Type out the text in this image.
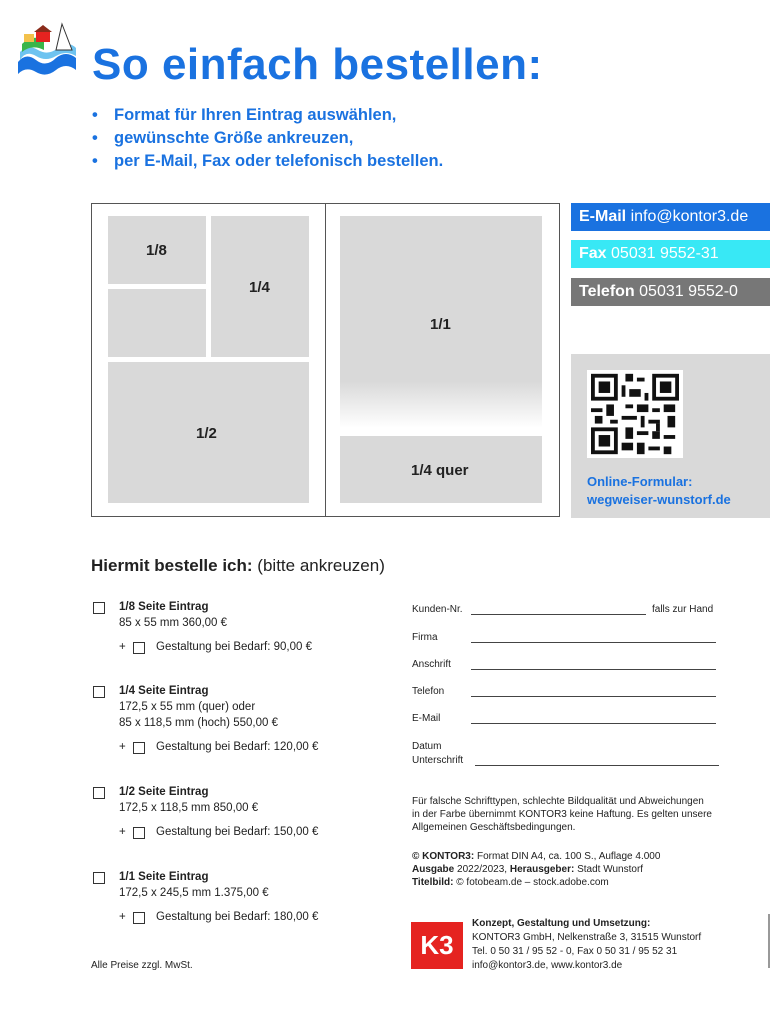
So einfach bestellen:
• Format für Ihren Eintrag auswählen,
• gewünschte Größe ankreuzen,
• per E-Mail, Fax oder telefonisch bestellen.
1/8
1/4
1/2
1/1
1/4 quer
E-Mail info@kontor3.de
Fax 05031 9552-31
Telefon 05031 9552-0
Online-Formular:
wegweiser-wunstorf.de
Hiermit bestelle ich: (bitte ankreuzen)
1/8 Seite Eintrag
85 x 55 mm 360,00 €
+	Gestaltung bei Bedarf: 90,00 €
1/4 Seite Eintrag
172,5 x 55 mm (quer) oder
85 x 118,5 mm (hoch) 550,00 €
+	Gestaltung bei Bedarf: 120,00 €
1/2 Seite Eintrag
172,5 x 118,5 mm 850,00 €
+	Gestaltung bei Bedarf: 150,00 €
1/1 Seite Eintrag
172,5 x 245,5 mm 1.375,00 €
+	Gestaltung bei Bedarf: 180,00 €
Alle Preise zzgl. MwSt.
Kunden-Nr.	falls zur Hand
Firma
Anschrift
Telefon
E-Mail
Datum
Unterschrift
Für falsche Schrifttypen, schlechte Bildqualität und Abweichungen
in der Farbe übernimmt KONTOR3 keine Haftung. Es gelten unsere
Allgemeinen Geschäftsbedingungen.
© KONTOR3: Format DIN A4, ca. 100 S., Auflage 4.000
Ausgabe 2022/2023, Herausgeber: Stadt Wunstorf
Titelbild: © fotobeam.de – stock.adobe.com
K3
Konzept, Gestaltung und Umsetzung:
KONTOR3 GmbH, Nelkenstraße 3, 31515 Wunstorf
Tel. 0 50 31 / 95 52 - 0, Fax 0 50 31 / 95 52 31
info@kontor3.de, www.kontor3.de
